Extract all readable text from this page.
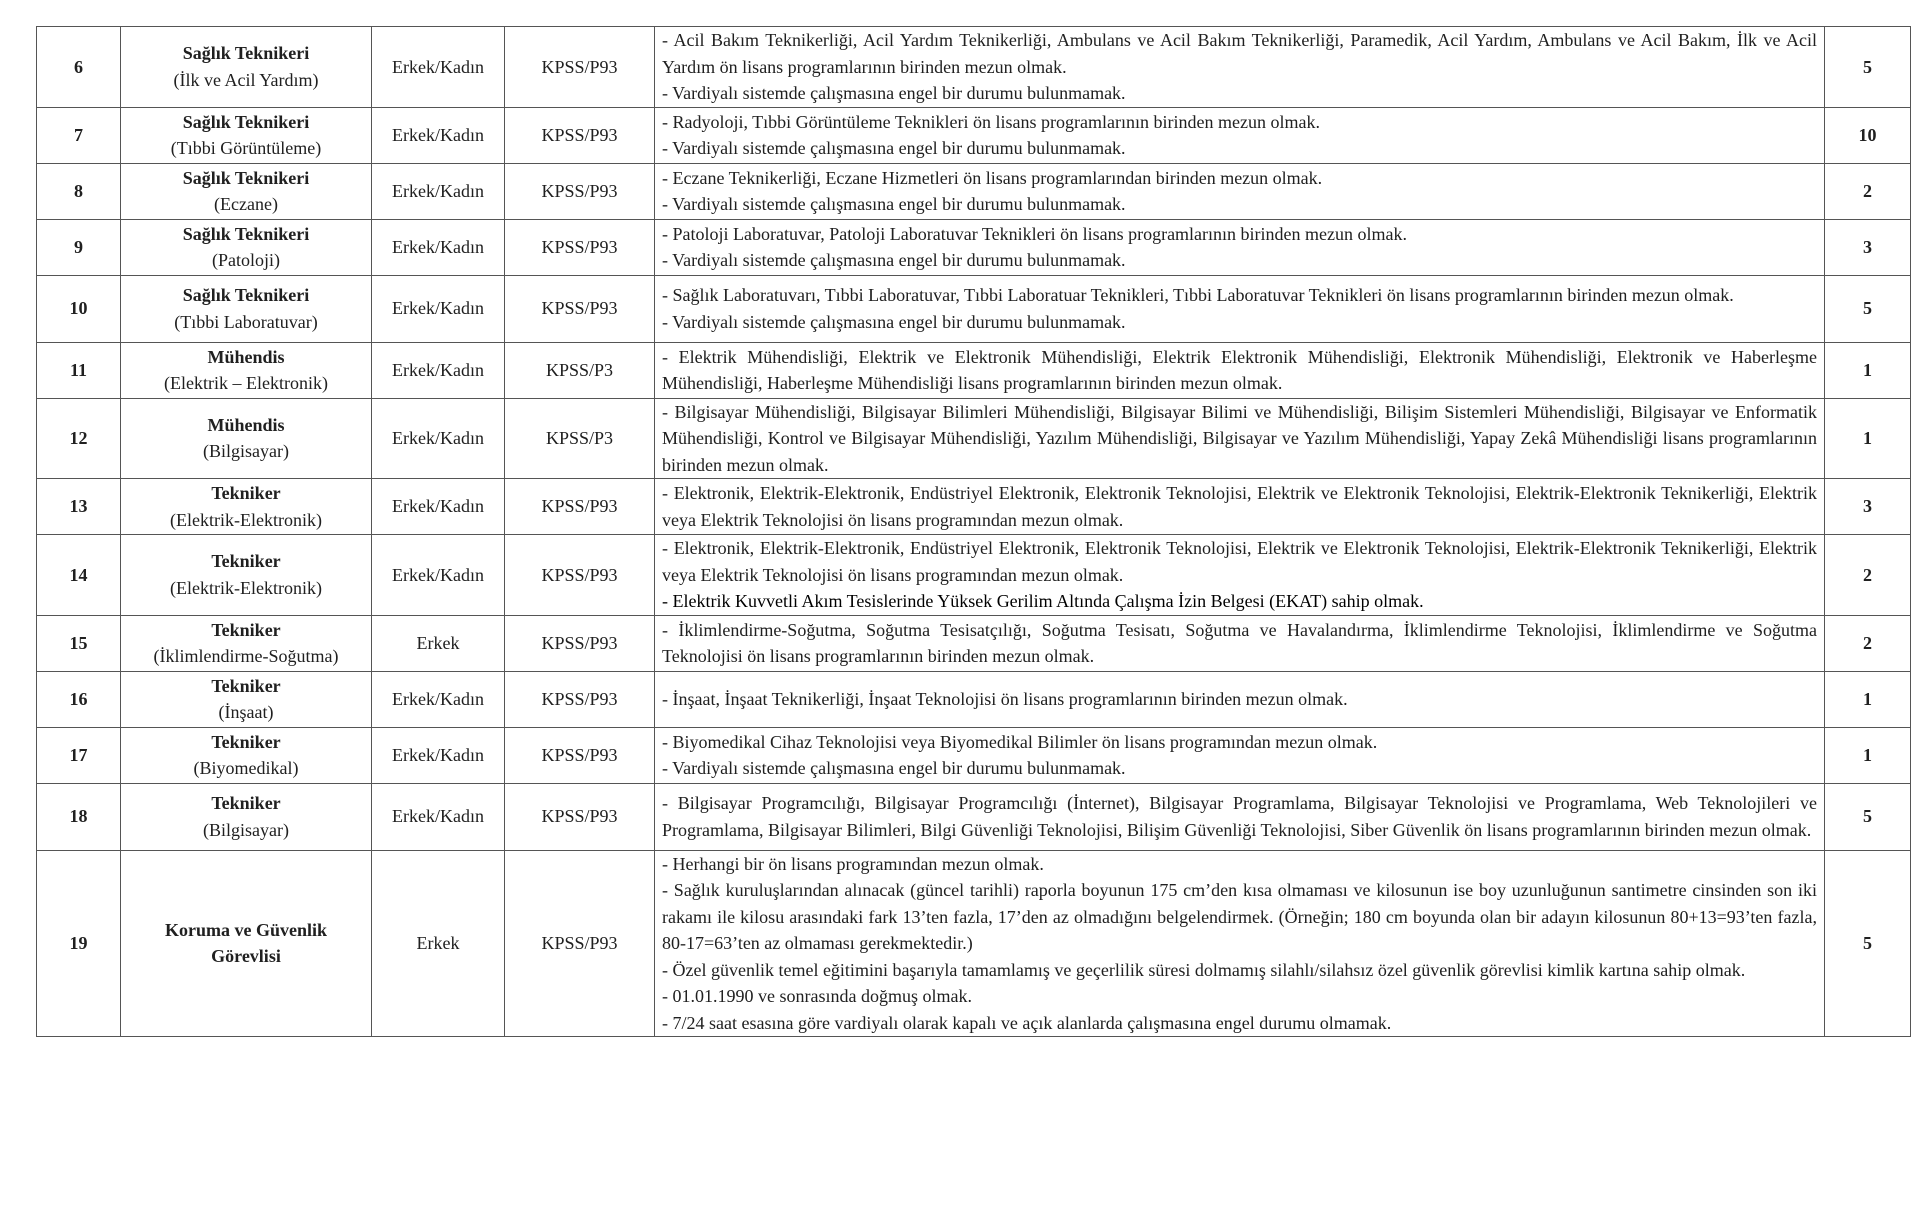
6	Sağlık Teknikeri
(İlk ve Acil Yardım)	Erkek/Kadın	KPSS/P93	- Acil Bakım Teknikerliği, Acil Yardım Teknikerliği, Ambulans ve Acil Bakım Teknikerliği, Paramedik, Acil Yardım, Ambulans ve Acil Bakım, İlk ve Acil Yardım ön lisans programlarının birinden mezun olmak.
- Vardiyalı sistemde çalışmasına engel bir durumu bulunmamak.	5
7	Sağlık Teknikeri
(Tıbbi Görüntüleme)	Erkek/Kadın	KPSS/P93	- Radyoloji, Tıbbi Görüntüleme Teknikleri ön lisans programlarının birinden mezun olmak.
- Vardiyalı sistemde çalışmasına engel bir durumu bulunmamak.	10
8	Sağlık Teknikeri
(Eczane)	Erkek/Kadın	KPSS/P93	- Eczane Teknikerliği, Eczane Hizmetleri ön lisans programlarından birinden mezun olmak.
- Vardiyalı sistemde çalışmasına engel bir durumu bulunmamak.	2
9	Sağlık Teknikeri
(Patoloji)	Erkek/Kadın	KPSS/P93	- Patoloji Laboratuvar, Patoloji Laboratuvar Teknikleri ön lisans programlarının birinden mezun olmak.
- Vardiyalı sistemde çalışmasına engel bir durumu bulunmamak.	3
10	Sağlık Teknikeri
(Tıbbi Laboratuvar)	Erkek/Kadın	KPSS/P93	- Sağlık Laboratuvarı, Tıbbi Laboratuvar, Tıbbi Laboratuar Teknikleri, Tıbbi Laboratuvar Teknikleri ön lisans programlarının birinden mezun olmak.
- Vardiyalı sistemde çalışmasına engel bir durumu bulunmamak.	5
11	Mühendis
(Elektrik – Elektronik)	Erkek/Kadın	KPSS/P3	- Elektrik Mühendisliği, Elektrik ve Elektronik Mühendisliği, Elektrik Elektronik Mühendisliği, Elektronik Mühendisliği, Elektronik ve Haberleşme Mühendisliği, Haberleşme Mühendisliği lisans programlarının birinden mezun olmak.	1
12	Mühendis
(Bilgisayar)	Erkek/Kadın	KPSS/P3	- Bilgisayar Mühendisliği, Bilgisayar Bilimleri Mühendisliği, Bilgisayar Bilimi ve Mühendisliği, Bilişim Sistemleri Mühendisliği, Bilgisayar ve Enformatik Mühendisliği, Kontrol ve Bilgisayar Mühendisliği, Yazılım Mühendisliği, Bilgisayar ve Yazılım Mühendisliği, Yapay Zekâ Mühendisliği lisans programlarının birinden mezun olmak.	1
13	Tekniker
(Elektrik-Elektronik)	Erkek/Kadın	KPSS/P93	- Elektronik, Elektrik-Elektronik, Endüstriyel Elektronik, Elektronik Teknolojisi, Elektrik ve Elektronik Teknolojisi, Elektrik-Elektronik Teknikerliği, Elektrik veya Elektrik Teknolojisi ön lisans programından mezun olmak.	3
14	Tekniker
(Elektrik-Elektronik)	Erkek/Kadın	KPSS/P93	- Elektronik, Elektrik-Elektronik, Endüstriyel Elektronik, Elektronik Teknolojisi, Elektrik ve Elektronik Teknolojisi, Elektrik-Elektronik Teknikerliği, Elektrik veya Elektrik Teknolojisi ön lisans programından mezun olmak.
- Elektrik Kuvvetli Akım Tesislerinde Yüksek Gerilim Altında Çalışma İzin Belgesi (EKAT) sahip olmak.	2
15	Tekniker
(İklimlendirme-Soğutma)	Erkek	KPSS/P93	- İklimlendirme-Soğutma, Soğutma Tesisatçılığı, Soğutma Tesisatı, Soğutma ve Havalandırma, İklimlendirme Teknolojisi, İklimlendirme ve Soğutma Teknolojisi ön lisans programlarının birinden mezun olmak.	2
16	Tekniker
(İnşaat)	Erkek/Kadın	KPSS/P93	- İnşaat, İnşaat Teknikerliği, İnşaat Teknolojisi ön lisans programlarının birinden mezun olmak.	1
17	Tekniker
(Biyomedikal)	Erkek/Kadın	KPSS/P93	- Biyomedikal Cihaz Teknolojisi veya Biyomedikal Bilimler ön lisans programından mezun olmak.
- Vardiyalı sistemde çalışmasına engel bir durumu bulunmamak.	1
18	Tekniker
(Bilgisayar)	Erkek/Kadın	KPSS/P93	- Bilgisayar Programcılığı, Bilgisayar Programcılığı (İnternet), Bilgisayar Programlama, Bilgisayar Teknolojisi ve Programlama, Web Teknolojileri ve Programlama, Bilgisayar Bilimleri, Bilgi Güvenliği Teknolojisi, Bilişim Güvenliği Teknolojisi, Siber Güvenlik ön lisans programlarının birinden mezun olmak.	5
19	Koruma ve Güvenlik Görevlisi	Erkek	KPSS/P93	- Herhangi bir ön lisans programından mezun olmak.
- Sağlık kuruluşlarından alınacak (güncel tarihli) raporla boyunun 175 cm’den kısa olmaması ve kilosunun ise boy uzunluğunun santimetre cinsinden son iki rakamı ile kilosu arasındaki fark 13’ten fazla, 17’den az olmadığını belgelendirmek. (Örneğin; 180 cm boyunda olan bir adayın kilosunun 80+13=93’ten fazla, 80-17=63’ten az olmaması gerekmektedir.)
- Özel güvenlik temel eğitimini başarıyla tamamlamış ve geçerlilik süresi dolmamış silahlı/silahsız özel güvenlik görevlisi kimlik kartına sahip olmak.
- 01.01.1990 ve sonrasında doğmuş olmak.
- 7/24 saat esasına göre vardiyalı olarak kapalı ve açık alanlarda çalışmasına engel durumu olmamak.	5
